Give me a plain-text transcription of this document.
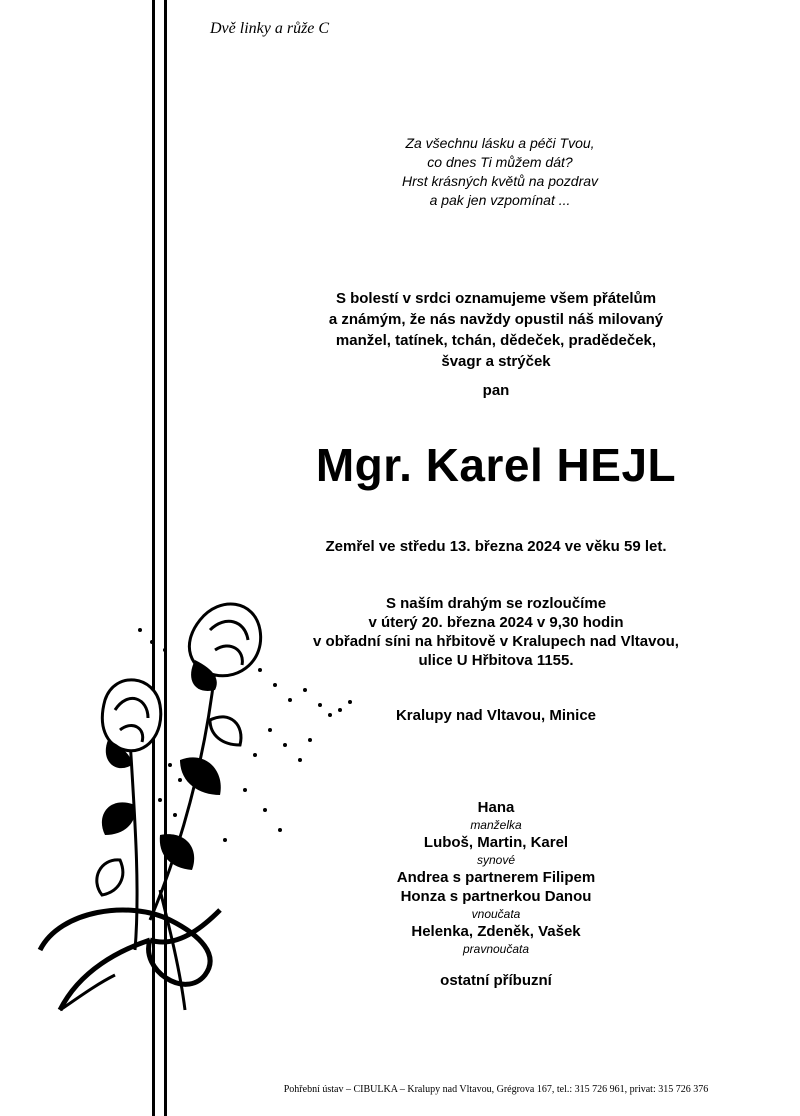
Dvě linky a růže C
Za všechnu lásku a péči Tvou,
co dnes Ti můžem dát?
Hrst krásných květů na pozdrav
a pak jen vzpomínat ...
S bolestí v srdci oznamujeme všem přátelům
a známým, že nás navždy opustil náš milovaný
manžel, tatínek, tchán, dědeček, pradědeček,
švagr a strýček
pan
Mgr. Karel HEJL
Zemřel ve středu 13. března 2024 ve věku 59 let.
S naším drahým se rozloučíme
v úterý 20. března 2024 v 9,30 hodin
v obřadní síni na hřbitově v Kralupech nad Vltavou,
ulice U Hřbitova 1155.
Kralupy nad Vltavou, Minice
Hana
manželka
Luboš, Martin, Karel
synové
Andrea s partnerem Filipem
Honza s partnerkou Danou
vnoučata
Helenka, Zdeněk, Vašek
pravnoučata
ostatní příbuzní
Pohřební ústav – CIBULKA – Kralupy nad Vltavou, Grégrova 167, tel.: 315 726 961, privat: 315 726 376
